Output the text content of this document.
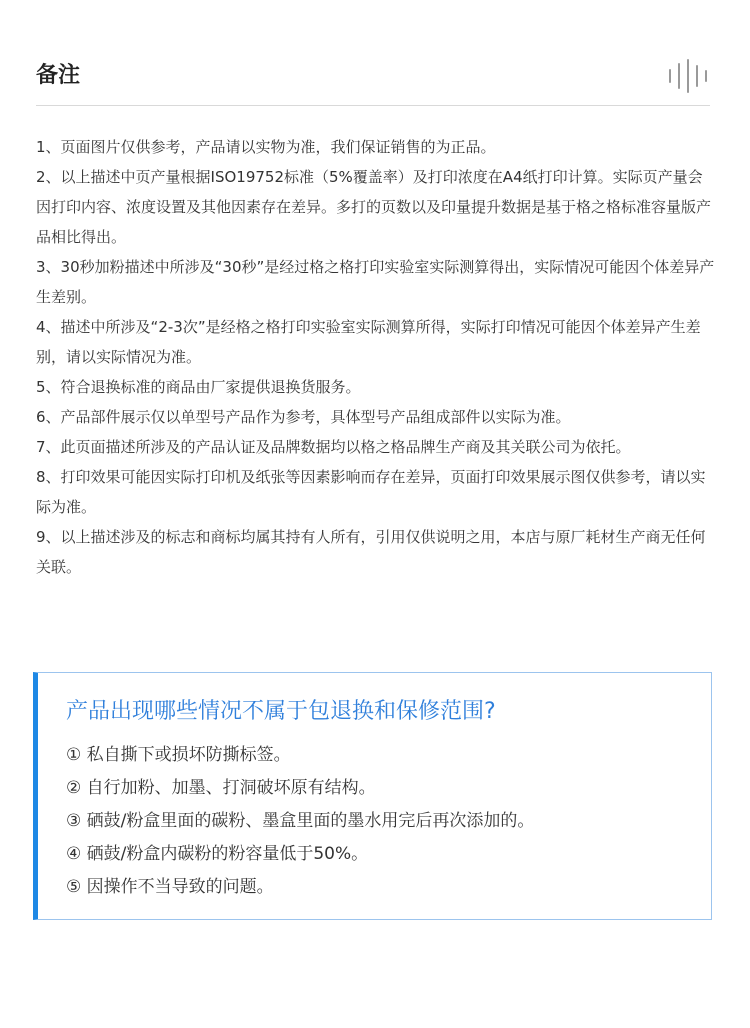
备注

1、页面图片仅供参考，产品请以实物为准，我们保证销售的为正品。

2、以上描述中页产量根据ISO19752标准（5%覆盖率）及打印浓度在A4纸打印计算。实际页产量会因打印内容、浓度设置及其他因素存在差异。多打的页数以及印量提升数据是基于格之格标准容量版产品相比得出。

3、30秒加粉描述中所涉及“30秒”是经过格之格打印实验室实际测算得出，实际情况可能因个体差异产生差别。

4、描述中所涉及“2-3次”是经格之格打印实验室实际测算所得，实际打印情况可能因个体差异产生差别，请以实际情况为准。

5、符合退换标准的商品由厂家提供退换货服务。

6、产品部件展示仅以单型号产品作为参考，具体型号产品组成部件以实际为准。

7、此页面描述所涉及的产品认证及品牌数据均以格之格品牌生产商及其关联公司为依托。

8、打印效果可能因实际打印机及纸张等因素影响而存在差异，页面打印效果展示图仅供参考，请以实际为准。

9、以上描述涉及的标志和商标均属其持有人所有，引用仅供说明之用，本店与原厂耗材生产商无任何关联。

产品出现哪些情况不属于包退换和保修范围?
① 私自撕下或损坏防撕标签。
② 自行加粉、加墨、打洞破坏原有结构。
③ 硒鼓/粉盒里面的碳粉、墨盒里面的墨水用完后再次添加的。
④ 硒鼓/粉盒内碳粉的粉容量低于50%。
⑤ 因操作不当导致的问题。
